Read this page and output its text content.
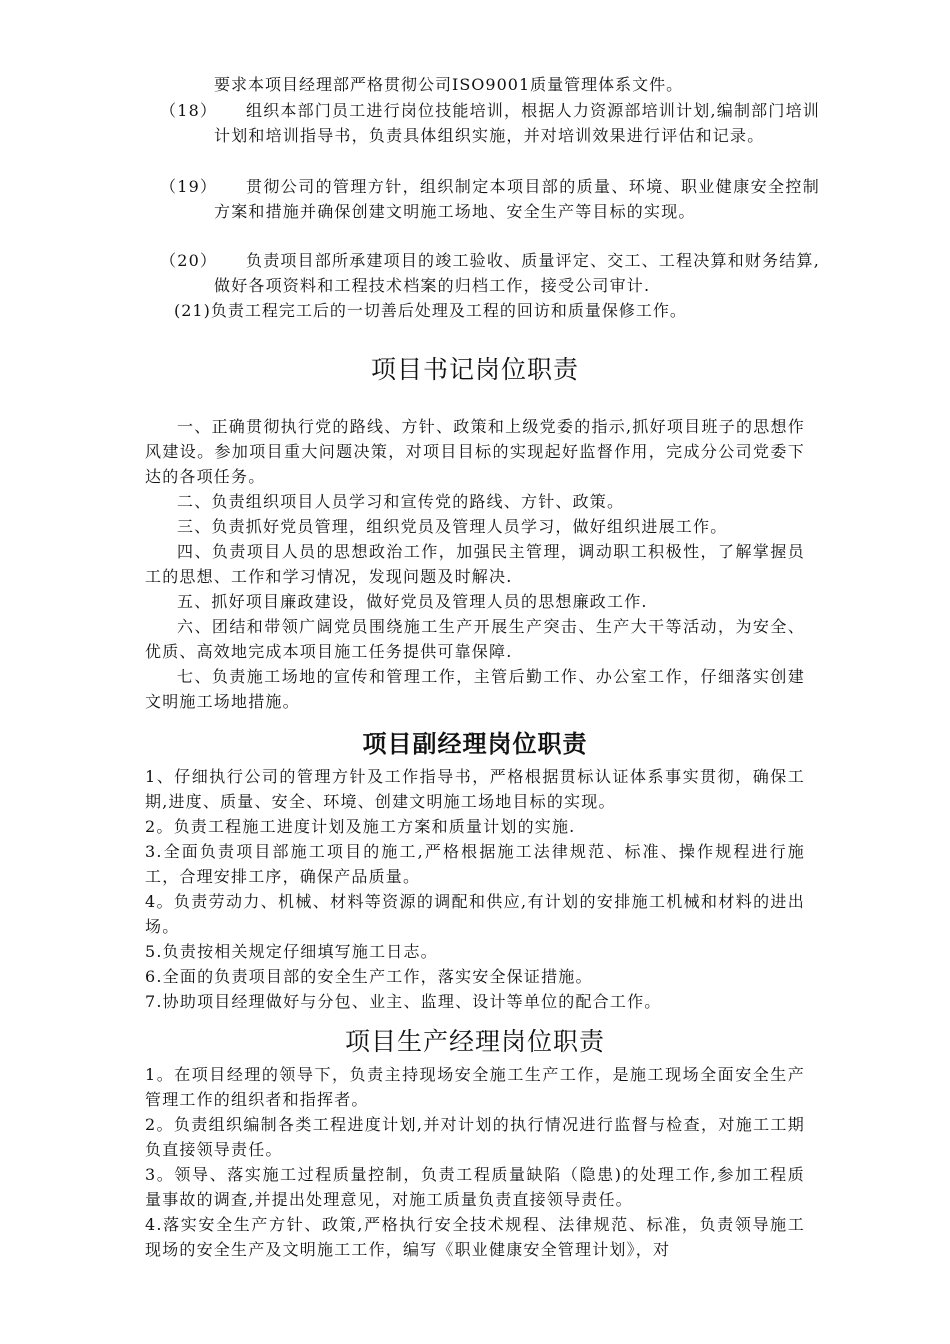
要求本项目经理部严格贯彻公司ISO9001质量管理体系文件。
（18）	组织本部门员工进行岗位技能培训，根据人力资源部培训计划,编制部门培训计划和培训指导书，负责具体组织实施，并对培训效果进行评估和记录。
（19）	贯彻公司的管理方针，组织制定本项目部的质量、环境、职业健康安全控制方案和措施并确保创建文明施工场地、安全生产等目标的实现。
（20）	负责项目部所承建项目的竣工验收、质量评定、交工、工程决算和财务结算,做好各项资料和工程技术档案的归档工作，接受公司审计.
(21)负责工程完工后的一切善后处理及工程的回访和质量保修工作。
项目书记岗位职责

一、正确贯彻执行党的路线、方针、政策和上级党委的指示,抓好项目班子的思想作风建设。参加项目重大问题决策，对项目目标的实现起好监督作用，完成分公司党委下达的各项任务。

二、负责组织项目人员学习和宣传党的路线、方针、政策。

三、负责抓好党员管理，组织党员及管理人员学习，做好组织进展工作。

四、负责项目人员的思想政治工作，加强民主管理，调动职工积极性，了解掌握员工的思想、工作和学习情况，发现问题及时解决.

五、抓好项目廉政建设，做好党员及管理人员的思想廉政工作.

六、团结和带领广阔党员围绕施工生产开展生产突击、生产大干等活动，为安全、优质、高效地完成本项目施工任务提供可靠保障.

七、负责施工场地的宣传和管理工作，主管后勤工作、办公室工作，仔细落实创建文明施工场地措施。

项目副经理岗位职责

1、仔细执行公司的管理方针及工作指导书，严格根据贯标认证体系事实贯彻，确保工期,进度、质量、安全、环境、创建文明施工场地目标的实现。

2。负责工程施工进度计划及施工方案和质量计划的实施.

3.全面负责项目部施工项目的施工,严格根据施工法律规范、标准、操作规程进行施工，合理安排工序，确保产品质量。

4。负责劳动力、机械、材料等资源的调配和供应,有计划的安排施工机械和材料的进出场。

5.负责按相关规定仔细填写施工日志。

6.全面的负责项目部的安全生产工作，落实安全保证措施。

7.协助项目经理做好与分包、业主、监理、设计等单位的配合工作。

项目生产经理岗位职责

1。在项目经理的领导下，负责主持现场安全施工生产工作，是施工现场全面安全生产管理工作的组织者和指挥者。

2。负责组织编制各类工程进度计划,并对计划的执行情况进行监督与检查，对施工工期负直接领导责任。

3。领导、落实施工过程质量控制，负责工程质量缺陷（隐患)的处理工作,参加工程质量事故的调查,并提出处理意见，对施工质量负责直接领导责任。

4.落实安全生产方针、政策,严格执行安全技术规程、法律规范、标准，负责领导施工现场的安全生产及文明施工工作，编写《职业健康安全管理计划》，对
